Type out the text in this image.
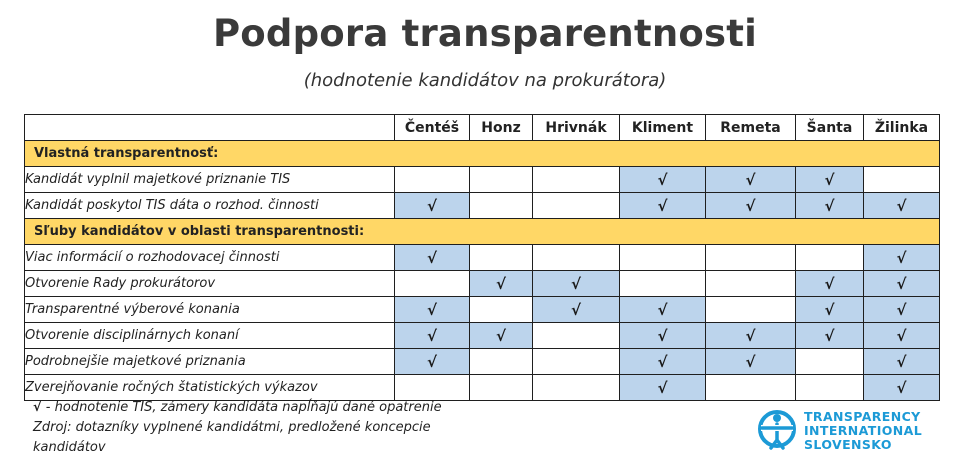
Podpora transparentnosti
(hodnotenie kandidátov na prokurátora)
	Čentéš	Honz	Hrivnák	Kliment	Remeta	Šanta	Žilinka
Vlastná transparentnosť:							
Kandidát vyplnil majetkové priznanie TIS				√	√	√	
Kandidát poskytol TIS dáta o rozhod. činnosti	√			√	√	√	√
Sľuby kandidátov v oblasti transparentnosti:							
Viac informácií o rozhodovacej činnosti	√						√
Otvorenie Rady prokurátorov		√	√			√	√
Transparentné výberové konania	√		√	√		√	√
Otvorenie disciplinárnych konaní	√	√		√	√	√	√
Podrobnejšie majetkové priznania	√			√	√		√
Zverejňovanie ročných štatistických výkazov				√			√
√ - hodnotenie TIS, zámery kandidáta napĺňajú dané opatrenie
Zdroj: dotazníky vyplnené kandidátmi, predložené koncepcie kandidátov
TRANSPARENCY
INTERNATIONAL
SLOVENSKO
